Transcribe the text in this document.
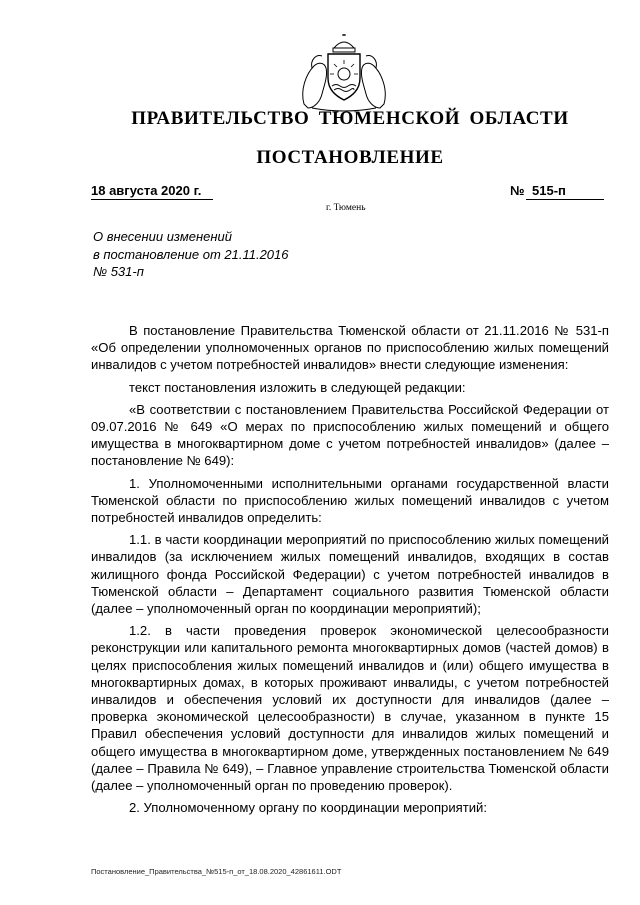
ПРАВИТЕЛЬСТВО ТЮМЕНСКОЙ ОБЛАСТИ
ПОСТАНОВЛЕНИЕ
18 августа 2020 г.	№ 515-п
г. Тюмень
О внесении изменений
в постановление от 21.11.2016
№ 531-п

В постановление Правительства Тюменской области от 21.11.2016 № 531-п «Об определении уполномоченных органов по приспособлению жилых помещений инвалидов с учетом потребностей инвалидов» внести следующие изменения:

текст постановления изложить в следующей редакции:

«В соответствии с постановлением Правительства Российской Федерации от 09.07.2016 № 649 «О мерах по приспособлению жилых помещений и общего имущества в многоквартирном доме с учетом потребностей инвалидов» (далее – постановление № 649):

1. Уполномоченными исполнительными органами государственной власти Тюменской области по приспособлению жилых помещений инвалидов с учетом потребностей инвалидов определить:

1.1. в части координации мероприятий по приспособлению жилых помещений инвалидов (за исключением жилых помещений инвалидов, входящих в состав жилищного фонда Российской Федерации) с учетом потребностей инвалидов в Тюменской области – Департамент социального развития Тюменской области (далее – уполномоченный орган по координации мероприятий);

1.2. в части проведения проверок экономической целесообразности реконструкции или капитального ремонта многоквартирных домов (частей домов) в целях приспособления жилых помещений инвалидов и (или) общего имущества в многоквартирных домах, в которых проживают инвалиды, с учетом потребностей инвалидов и обеспечения условий их доступности для инвалидов (далее – проверка экономической целесообразности) в случае, указанном в пункте 15 Правил обеспечения условий доступности для инвалидов жилых помещений и общего имущества в многоквартирном доме, утвержденных постановлением № 649 (далее – Правила № 649), – Главное управление строительства Тюменской области (далее – уполномоченный орган по проведению проверок).

2. Уполномоченному органу по координации мероприятий:

Постановление_Правительства_№515-п_от_18.08.2020_42861611.ODT
